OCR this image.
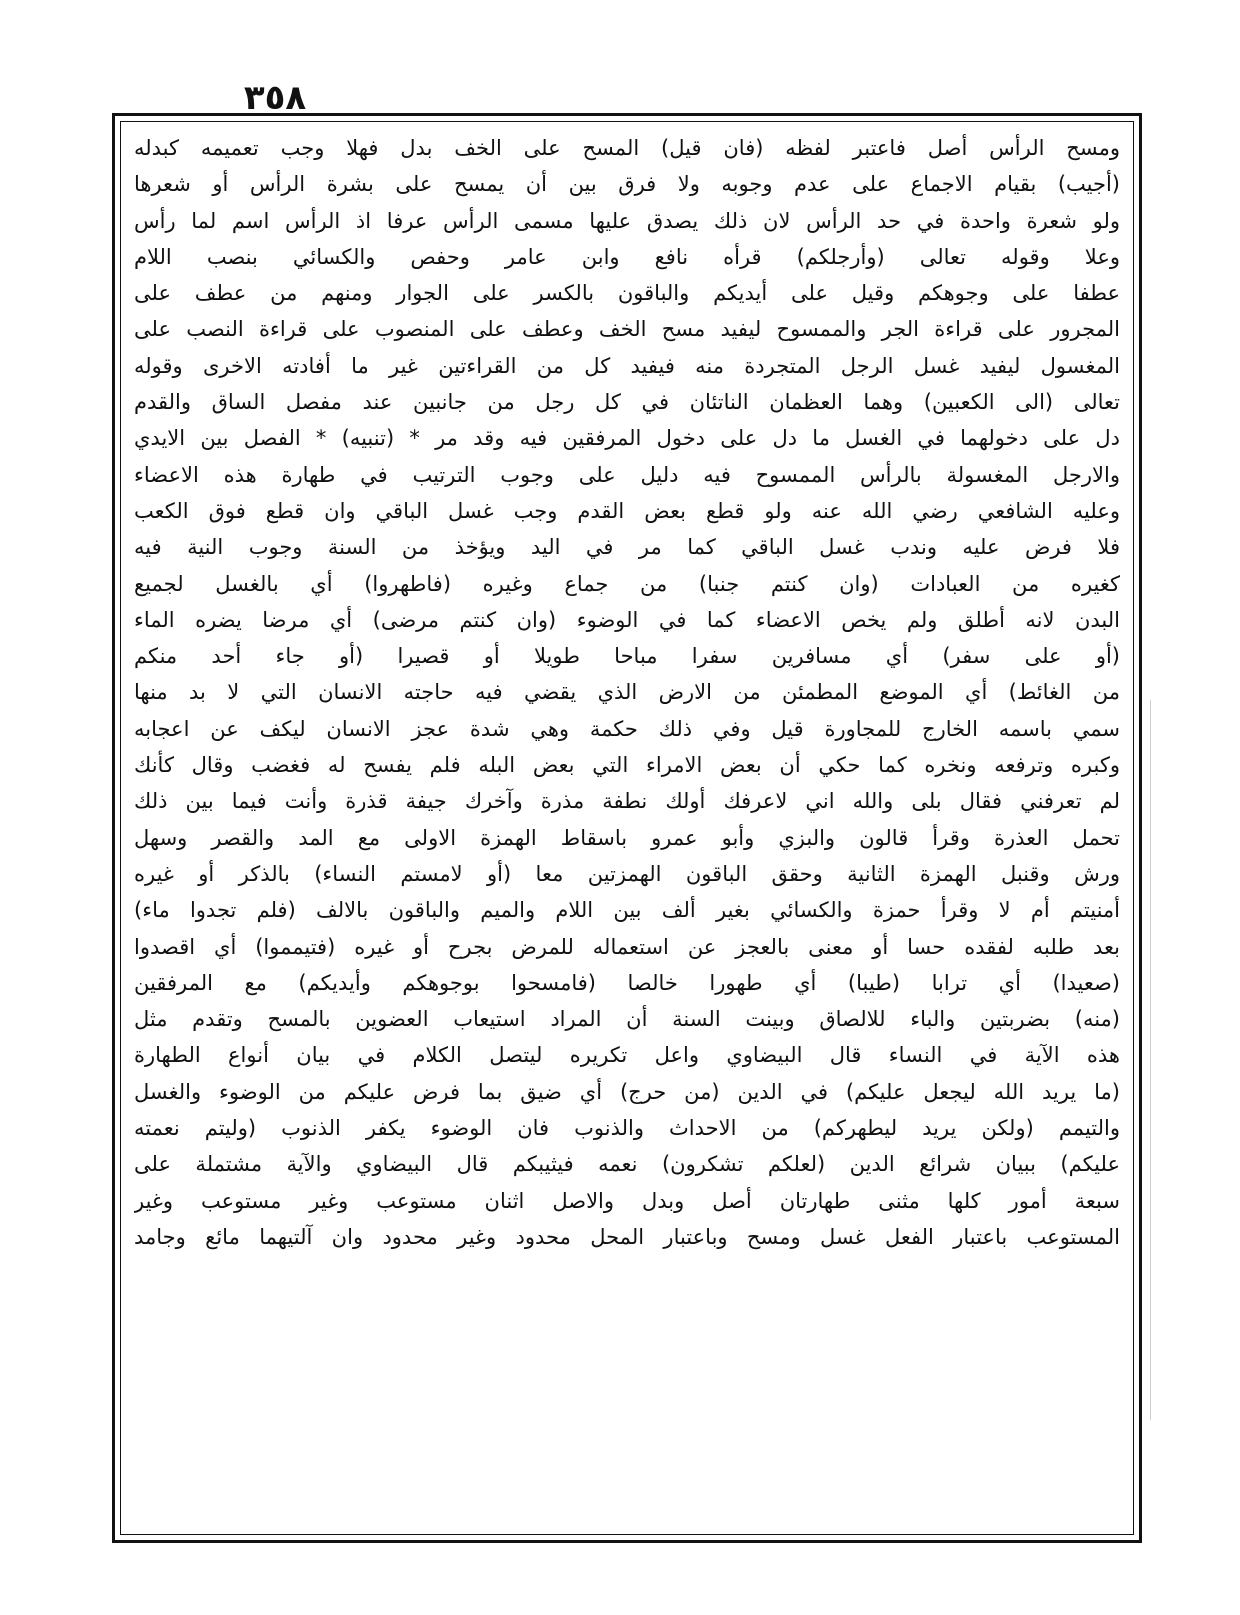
٣٥٨
ومسح الرأس أصل فاعتبر لفظه (فان قيل) المسح على الخف بدل فهلا وجب تعميمه كبدله
(أجيب) بقيام الاجماع على عدم وجوبه ولا فرق بين أن يمسح على بشرة الرأس أو شعرها
ولو شعرة واحدة في حد الرأس لان ذلك يصدق عليها مسمى الرأس عرفا اذ الرأس اسم لما رأس
وعلا وقوله تعالى (وأرجلكم) قرأه نافع وابن عامر وحفص والكسائي بنصب اللام
عطفا على وجوهكم وقيل على أيديكم والباقون بالكسر على الجوار ومنهم من عطف على
المجرور على قراءة الجر والممسوح ليفيد مسح الخف وعطف على المنصوب على قراءة النصب على
المغسول ليفيد غسل الرجل المتجردة منه فيفيد كل من القراءتين غير ما أفادته الاخرى وقوله
تعالى (الى الكعبين) وهما العظمان الناتئان في كل رجل من جانبين عند مفصل الساق والقدم
دل على دخولهما في الغسل ما دل على دخول المرفقين فيه وقد مر * (تنبيه) * الفصل بين الايدي
والارجل المغسولة بالرأس الممسوح فيه دليل على وجوب الترتيب في طهارة هذه الاعضاء
وعليه الشافعي رضي الله عنه ولو قطع بعض القدم وجب غسل الباقي وان قطع فوق الكعب
فلا فرض عليه وندب غسل الباقي كما مر في اليد ويؤخذ من السنة وجوب النية فيه
كغيره من العبادات (وان كنتم جنبا) من جماع وغيره (فاطهروا) أي بالغسل لجميع
البدن لانه أطلق ولم يخص الاعضاء كما في الوضوء (وان كنتم مرضى) أي مرضا يضره الماء
(أو على سفر) أي مسافرين سفرا مباحا طويلا أو قصيرا (أو جاء أحد منكم
من الغائط) أي الموضع المطمئن من الارض الذي يقضي فيه حاجته الانسان التي لا بد منها
سمي باسمه الخارج للمجاورة قيل وفي ذلك حكمة وهي شدة عجز الانسان ليكف عن اعجابه
وكبره وترفعه ونخره كما حكي أن بعض الامراء التي بعض البله فلم يفسح له فغضب وقال كأنك
لم تعرفني فقال بلى والله اني لاعرفك أولك نطفة مذرة وآخرك جيفة قذرة وأنت فيما بين ذلك
تحمل العذرة وقرأ قالون والبزي وأبو عمرو باسقاط الهمزة الاولى مع المد والقصر وسهل
ورش وقنبل الهمزة الثانية وحقق الباقون الهمزتين معا (أو لامستم النساء) بالذكر أو غيره
أمنيتم أم لا وقرأ حمزة والكسائي بغير ألف بين اللام والميم والباقون بالالف (فلم تجدوا ماء)
بعد طلبه لفقده حسا أو معنى بالعجز عن استعماله للمرض بجرح أو غيره (فتيمموا) أي اقصدوا
(صعيدا) أي ترابا (طيبا) أي طهورا خالصا (فامسحوا بوجوهكم وأيديكم) مع المرفقين
(منه) بضربتين والباء للالصاق وبينت السنة أن المراد استيعاب العضوين بالمسح وتقدم مثل
هذه الآية في النساء قال البيضاوي واعل تكريره ليتصل الكلام في بيان أنواع الطهارة
(ما يريد الله ليجعل عليكم) في الدين (من حرج) أي ضيق بما فرض عليكم من الوضوء والغسل
والتيمم (ولكن يريد ليطهركم) من الاحداث والذنوب فان الوضوء يكفر الذنوب (وليتم نعمته
عليكم) ببيان شرائع الدين (لعلكم تشكرون) نعمه فيثيبكم قال البيضاوي والآية مشتملة على
سبعة أمور كلها مثنى طهارتان أصل وبدل والاصل اثنان مستوعب وغير مستوعب وغير
المستوعب باعتبار الفعل غسل ومسح وباعتبار المحل محدود وغير محدود وان آلتيهما مائع وجامد
